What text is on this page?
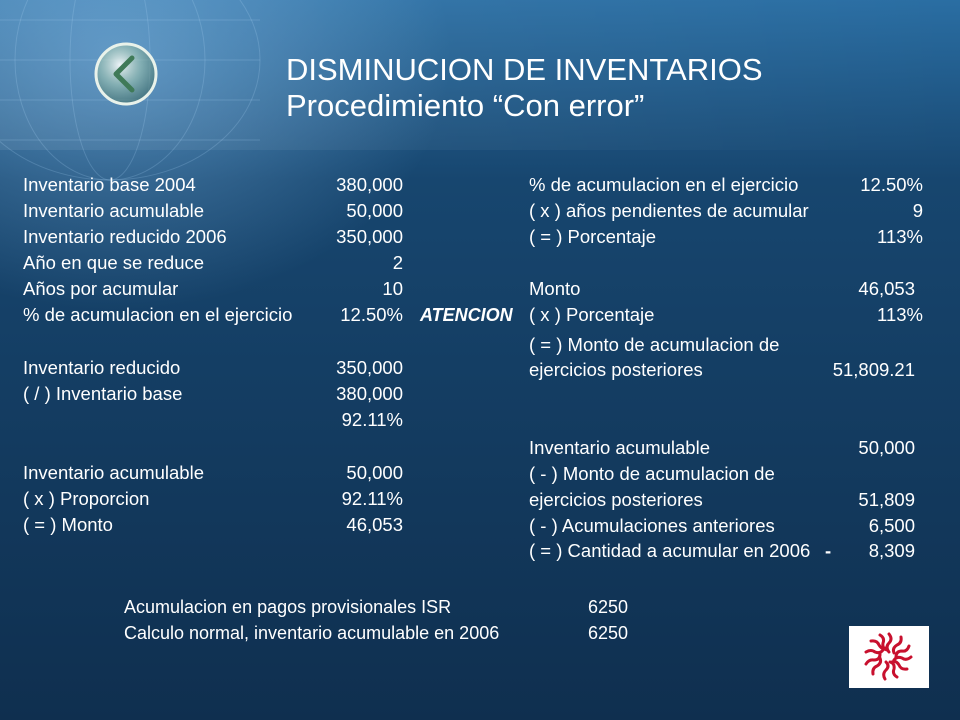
DISMINUCION DE INVENTARIOS
Procedimiento “Con error”
Inventario base 2004	380,000
Inventario acumulable	50,000
Inventario reducido 2006	350,000
Año en que se reduce	2
Años por acumular	10
% de acumulacion en el ejercicio	12.50%
Inventario reducido	350,000
( / ) Inventario base	380,000
92.11%
Inventario acumulable	50,000
( x ) Proporcion	92.11%
( = ) Monto	46,053
ATENCION
% de acumulacion en el ejercicio	12.50%
( x ) años pendientes de acumular	9
( = ) Porcentaje	113%
Monto	46,053
( x ) Porcentaje	113%
( = ) Monto de acumulacion de
ejercicios posteriores	51,809.21
Inventario acumulable	50,000
( - ) Monto de acumulacion de
ejercicios posteriores	51,809
( - ) Acumulaciones anteriores	6,500
( = ) Cantidad a acumular en 2006	8,309
-
Acumulacion en pagos provisionales ISR	6250
Calculo normal, inventario acumulable en 2006	6250
